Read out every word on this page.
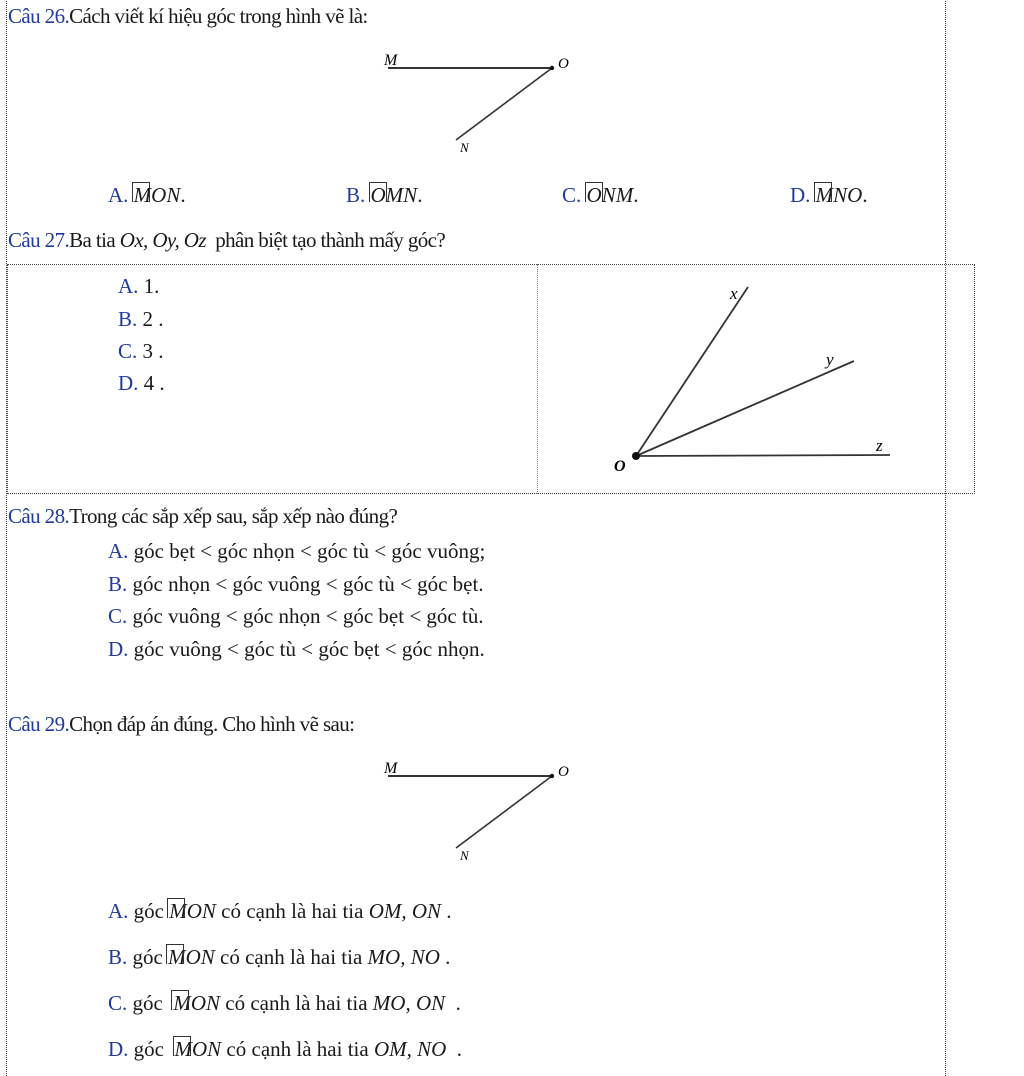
Câu 26.Cách viết kí hiệu góc trong hình vẽ là:
M	O
N
A. MON.	B. OMN.	C. ONM.	D. MNO.
Câu 27.Ba tia Ox, Oy, Oz  phân biệt tạo thành mấy góc?
A. 1.
B. 2 .
C. 3 .
D. 4 .
O
x
y
z
Câu 28.Trong các sắp xếp sau, sắp xếp nào đúng?
A. góc bẹt < góc nhọn < góc tù < góc vuông;
B. góc nhọn < góc vuông < góc tù < góc bẹt.
C. góc vuông < góc nhọn < góc bẹt < góc tù.
D. góc vuông < góc tù < góc bẹt < góc nhọn.
Câu 29.Chọn đáp án đúng. Cho hình vẽ sau:
M	O
N
A. góc
MON có cạnh là hai tia OM, ON .
B. góc
MON có cạnh là hai tia MO, NO .
C. góc
MON có cạnh là hai tia MO, ON  .
D. góc
MON có cạnh là hai tia OM, NO  .
